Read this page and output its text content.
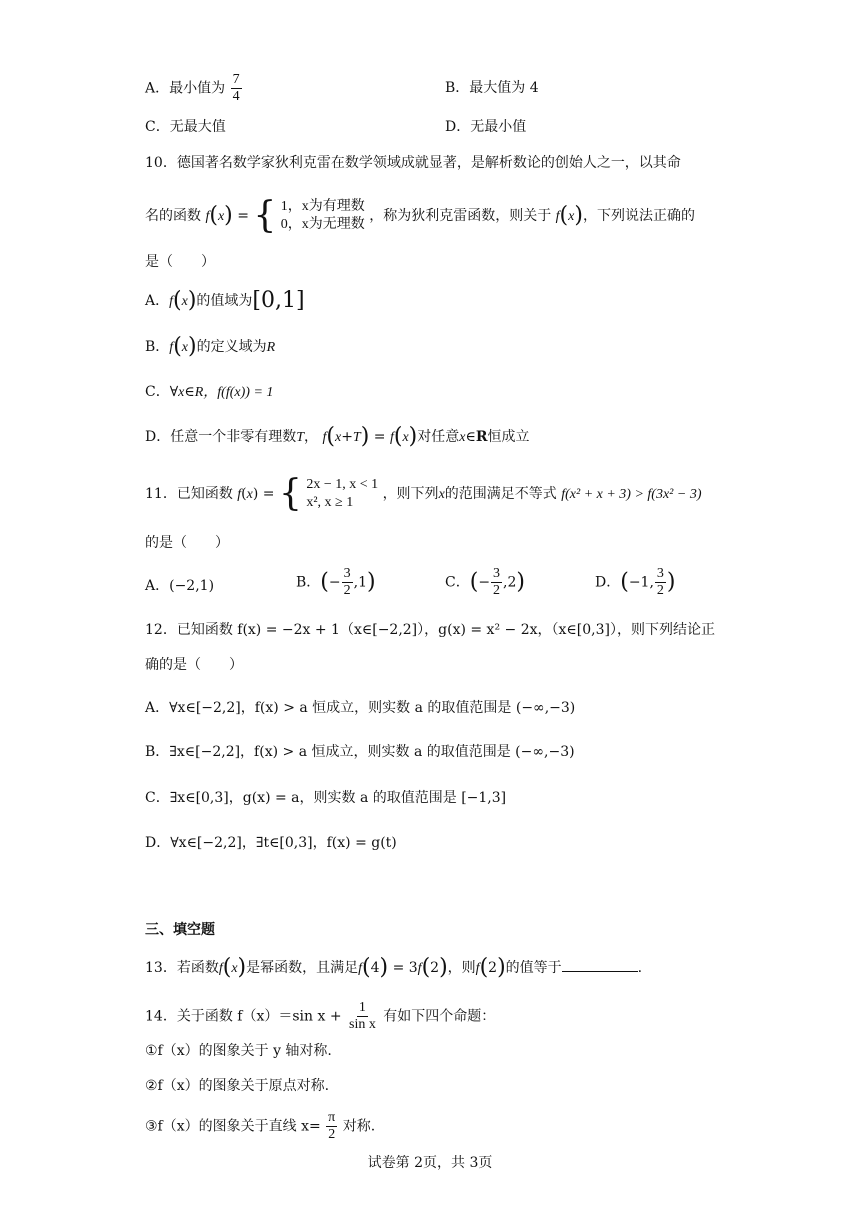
A．最小值为 $\frac{7}{4}$	B．最大值为 4
C．无最大值	D．无最小值
10．德国著名数学家狄利克雷在数学领域成就显著，是解析数论的创始人之一，以其命
名的函数 f(x) = { 1，x为有理数
0，x为无理数
，称为狄利克雷函数，则关于 f(x)，下列说法正确的
是（　　）
A．f(x)的值域为[0,1]
B．f(x)的定义域为R
C．∀x∈R，f(f(x)) = 1
D．任意一个非零有理数T， f(x+T) = f(x)对任意x∈R恒成立
11．已知函数 f(x) = { 2x − 1, x < 1
x², x ≥ 1
，则下列x的范围满足不等式 f(x² + x + 3) > f(3x² − 3)
的是（　　）
A．(−2,1)	B．(− $\frac{3}{2} ,1$)	C．(− $\frac{3}{2} ,2$)	D．(−1, $\frac{3}{2}$ )
12．已知函数 f(x) = −2x + 1（x∈[−2,2]），g(x) = x² − 2x，（x∈[0,3]），则下列结论正
确的是（　　）
A．∀x∈[−2,2]，f(x) > a 恒成立，则实数 a 的取值范围是 (−∞,−3)
B．∃x∈[−2,2]，f(x) > a 恒成立，则实数 a 的取值范围是 (−∞,−3)
C．∃x∈[0,3]，g(x) = a，则实数 a 的取值范围是 [−1,3]
D．∀x∈[−2,2]，∃t∈[0,3]，f(x) = g(t)
三、填空题
13．若函数f(x)是幂函数，且满足f(4) = 3f(2)，则f(2)的值等于	.
14．关于函数 f（x）＝sin $x + \frac{1}{\text{sin x}}$ 有如下四个命题：
①f（x）的图象关于 y 轴对称.
②f（x）的图象关于原点对称.
③f（x）的图象关于直线 $x= \frac{\pi}{2}$ 对称.
试卷第 2页，共 3页
